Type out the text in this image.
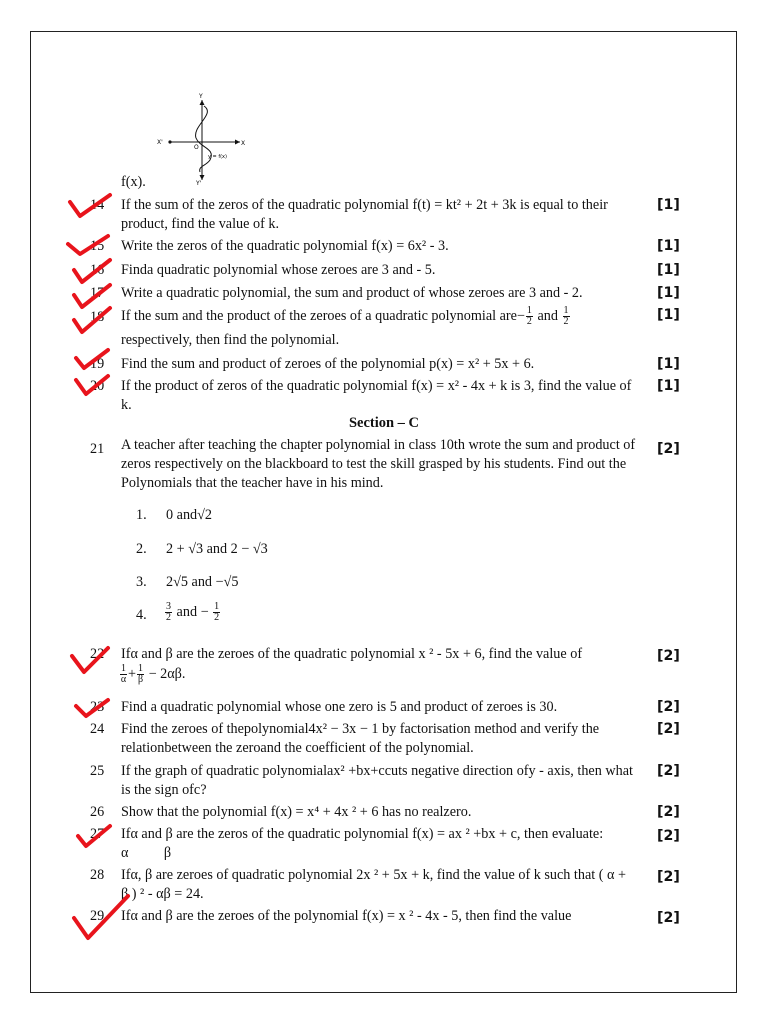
Y
X
X'
Y'
O
y = f(x)
f(x).
14	If the sum of the zeros of the quadratic polynomial f(t) = kt² + 2t + 3k is equal to their product, find the value of k.
[1]
15	Write the zeros of the quadratic polynomial f(x) = 6x² - 3.	[1]
16	Finda quadratic polynomial whose zeroes are 3 and - 5.	[1]
17	Write a quadratic polynomial, the sum and product of whose zeroes are 3 and - 2.	[1]
18	If the sum and the product of the zeroes of a quadratic polynomial $are- \frac{1}{2}$ and $\frac{1}{2}$
respectively, then find the polynomial.
[1]
19	Find the sum and product of zeroes of the polynomial p(x) = x² + 5x + 6.	[1]
20	If the product of zeros of the quadratic polynomial f(x) = x² - 4x + k is 3, find the value of k.
[1]
Section – C
21	A teacher after teaching the chapter polynomial in class 10th wrote the sum and product of zeros respectively on the blackboard to test the skill grasped by his students. Find out the Polynomials that the teacher have in his mind.
[2]
1. 0 and√2
2. 2 + √3 and 2 − √3
3. 2√5 and −√5
4. $\frac{3}{2}$ and − $\frac{1}{2}$
22	Ifα and β are the zeroes of the quadratic polynomial x ² - 5x + 6, find the value of
$\frac{1}{\alpha} + \frac{1}{\beta} - 2\alpha\beta$.
[2]
23	Find a quadratic polynomial whose one zero is 5 and product of zeroes is 30.	[2]
24	Find the zeroes of thepolynomial4x² − 3x − 1 by factorisation method and verify the relationbetween the zeroand the coefficient of the polynomial.
[2]
25	If the graph of quadratic polynomialax² +bx+ccuts negative direction ofy - axis, then what is the sign ofc?
[2]
26	Show that the polynomial f(x) = x⁴ + 4x ² + 6 has no realzero.	[2]
27	Ifα and β are the zeros of the quadratic polynomial f(x) = ax ² +bx + c, then evaluate:     α          β
[2]
28	Ifα, β are zeroes of quadratic polynomial 2x ² + 5x + k, find the value of k such that ( α + β ) ² - αβ = 24.
[2]
29	Ifα and β are the zeroes of the polynomial f(x) = x ² - 4x - 5, then find the value	[2]
